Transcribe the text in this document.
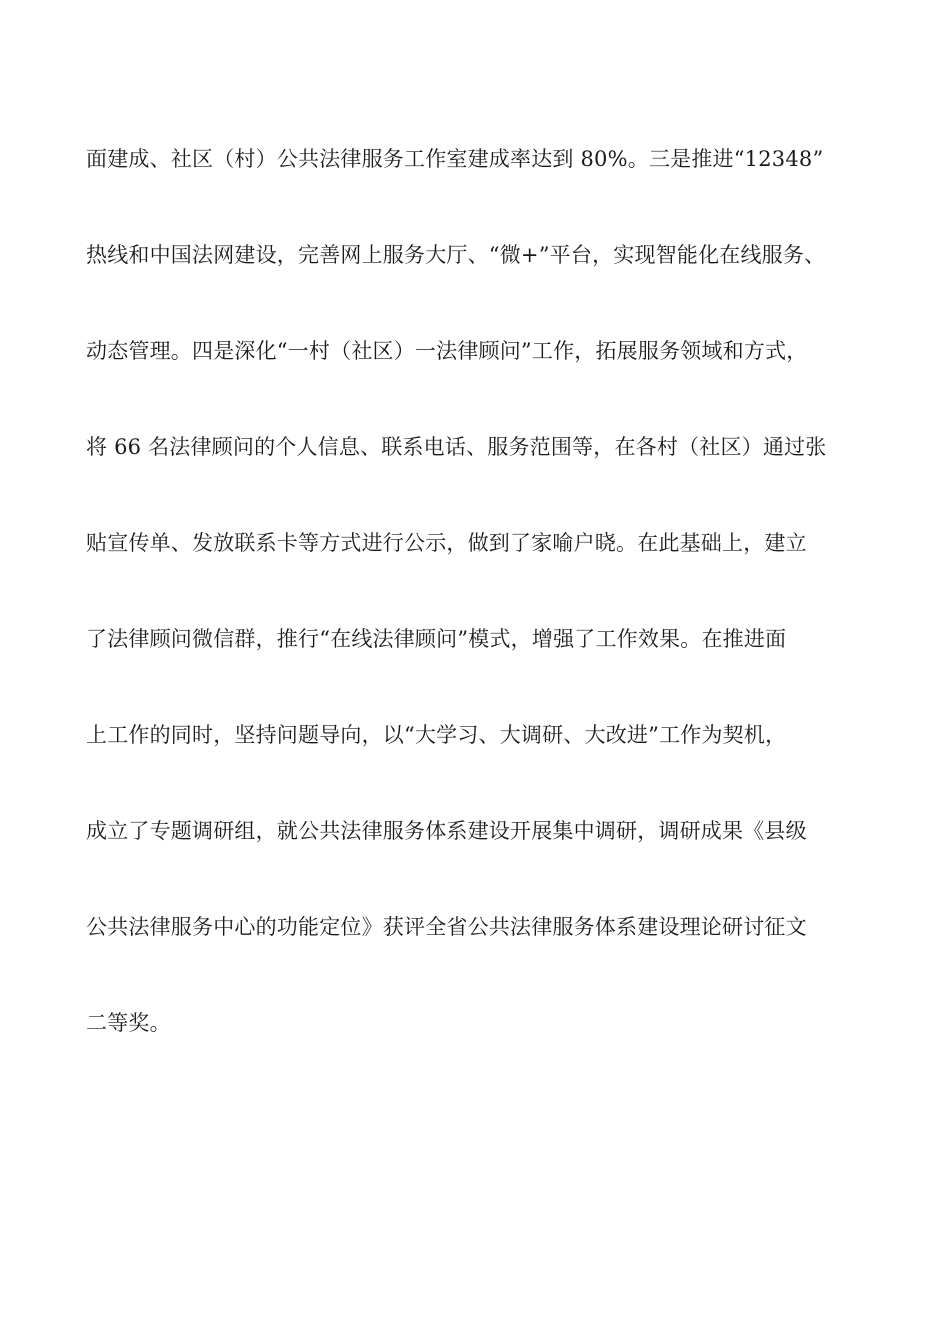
面建成、社区（村）公共法律服务工作室建成率达到 80%。三是推进“12348”
热线和中国法网建设，完善网上服务大厅、“微+”平台，实现智能化在线服务、
动态管理。四是深化“一村（社区）一法律顾问”工作，拓展服务领域和方式，
将 66 名法律顾问的个人信息、联系电话、服务范围等，在各村（社区）通过张
贴宣传单、发放联系卡等方式进行公示，做到了家喻户晓。在此基础上，建立
了法律顾问微信群，推行“在线法律顾问”模式，增强了工作效果。在推进面
上工作的同时，坚持问题导向，以“大学习、大调研、大改进”工作为契机，
成立了专题调研组，就公共法律服务体系建设开展集中调研，调研成果《县级
公共法律服务中心的功能定位》获评全省公共法律服务体系建设理论研讨征文
二等奖。
